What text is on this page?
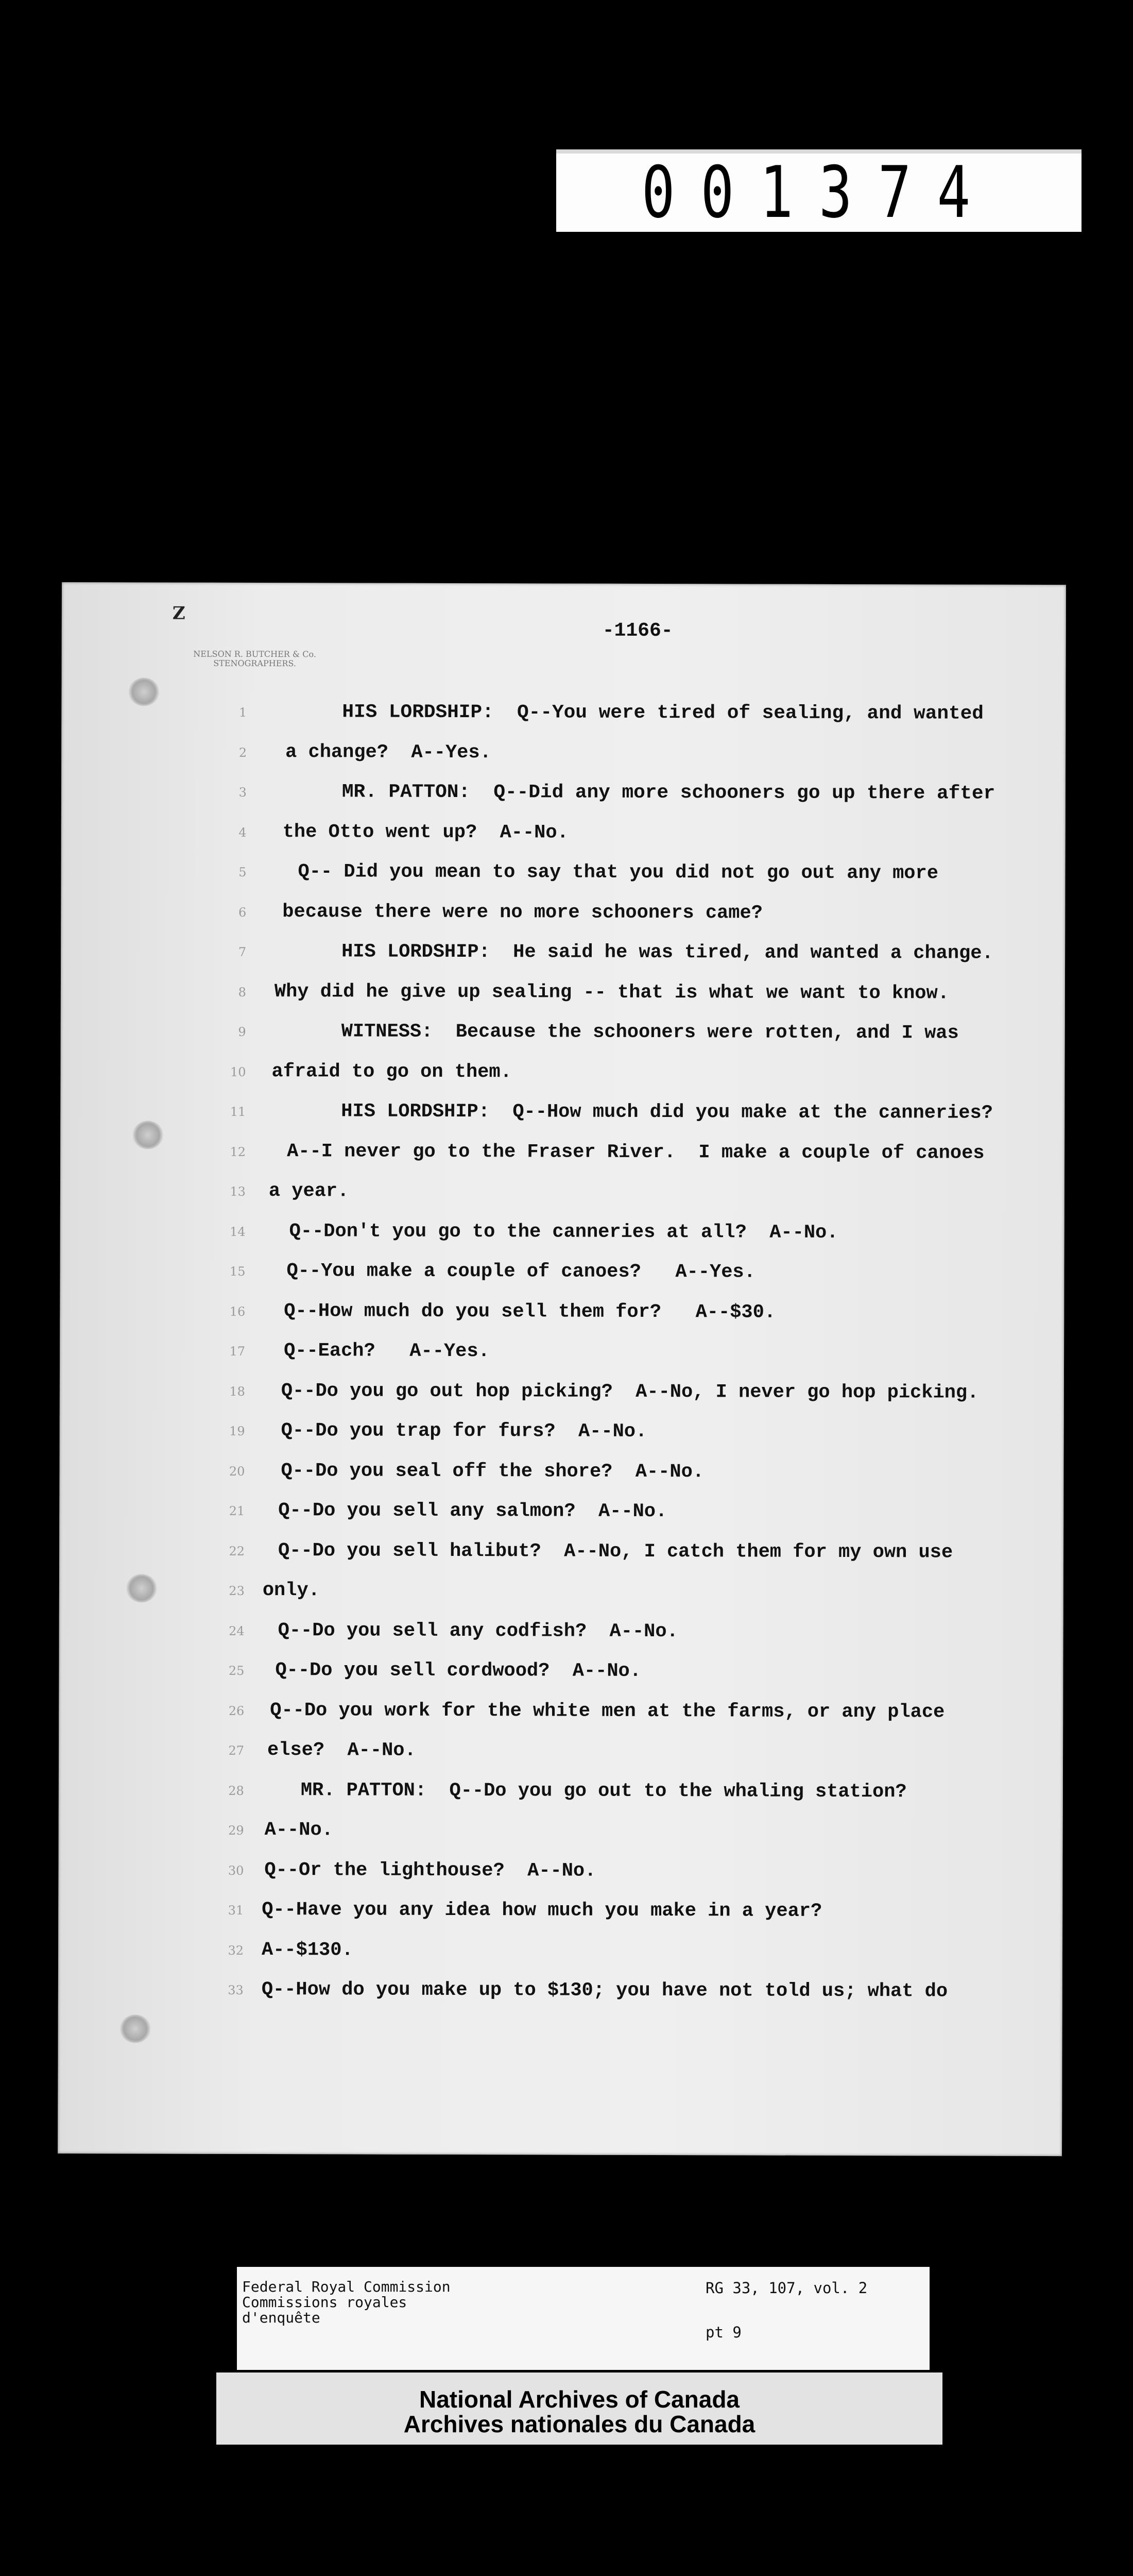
001374
Z
NELSON R. BUTCHER & Co.
STENOGRAPHERS.
-1166-
1	HIS LORDSHIP:  Q--You were tired of sealing, and wanted
2 a change?  A--Yes.
3	MR. PATTON:  Q--Did any more schooners go up there after
4 the Otto went up?  A--No.
5	Q-- Did you mean to say that you did not go out any more
6 because there were no more schooners came?
7	HIS LORDSHIP:  He said he was tired, and wanted a change.
8 Why did he give up sealing -- that is what we want to know.
9	WITNESS:  Because the schooners were rotten, and I was
10 afraid to go on them.
11	HIS LORDSHIP:  Q--How much did you make at the canneries?
12 A--I never go to the Fraser River.  I make a couple of canoes
13 a year.
14 Q--Don't you go to the canneries at all?  A--No.
15 Q--You make a couple of canoes?   A--Yes.
16 Q--How much do you sell them for?   A--$30.
17 Q--Each?   A--Yes.
18 Q--Do you go out hop picking?  A--No, I never go hop picking.
19 Q--Do you trap for furs?  A--No.
20 Q--Do you seal off the shore?  A--No.
21 Q--Do you sell any salmon?  A--No.
22 Q--Do you sell halibut?  A--No, I catch them for my own use
23 only.
24 Q--Do you sell any codfish?  A--No.
25 Q--Do you sell cordwood?  A--No.
26 Q--Do you work for the white men at the farms, or any place
27 else?  A--No.
28	MR. PATTON:  Q--Do you go out to the whaling station?
29 A--No.
30 Q--Or the lighthouse?  A--No.
31 Q--Have you any idea how much you make in a year?
32 A--$130.
33 Q--How do you make up to $130; you have not told us; what do
Federal Royal Commission
Commissions royales
d'enquête
RG 33, 107, vol. 2
pt 9
National Archives of Canada
Archives nationales du Canada
